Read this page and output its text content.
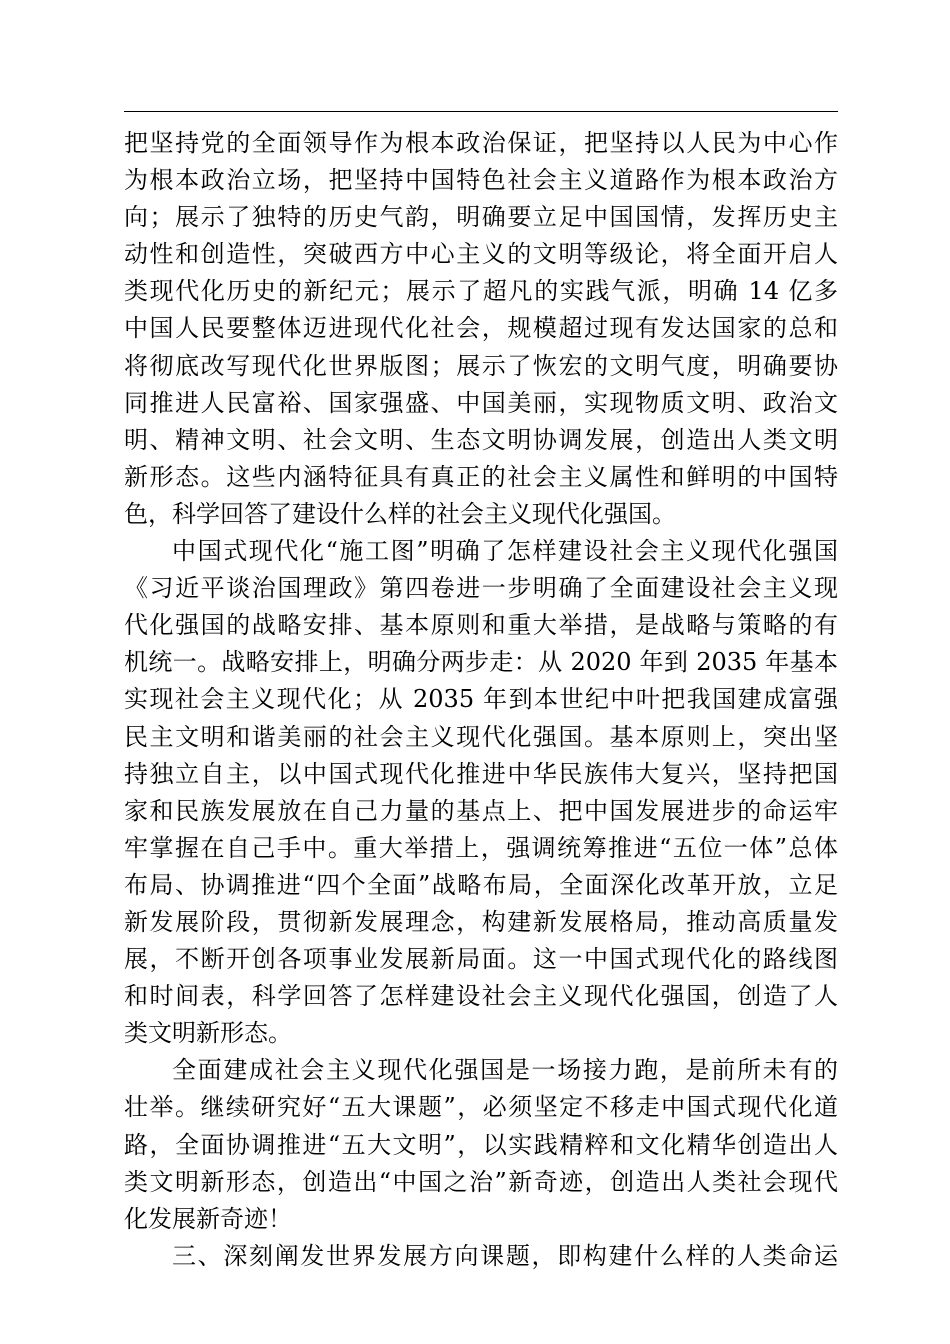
把坚持党的全面领导作为根本政治保证，把坚持以人民为中心作
为根本政治立场，把坚持中国特色社会主义道路作为根本政治方
向；展示了独特的历史气韵，明确要立足中国国情，发挥历史主
动性和创造性，突破西方中心主义的文明等级论，将全面开启人
类现代化历史的新纪元；展示了超凡的实践气派，明确 14 亿多
中国人民要整体迈进现代化社会，规模超过现有发达国家的总和
将彻底改写现代化世界版图；展示了恢宏的文明气度，明确要协
同推进人民富裕、国家强盛、中国美丽，实现物质文明、政治文
明、精神文明、社会文明、生态文明协调发展，创造出人类文明
新形态。这些内涵特征具有真正的社会主义属性和鲜明的中国特
色，科学回答了建设什么样的社会主义现代化强国。
中国式现代化“施工图”明确了怎样建设社会主义现代化强国
《习近平谈治国理政》第四卷进一步明确了全面建设社会主义现
代化强国的战略安排、基本原则和重大举措，是战略与策略的有
机统一。战略安排上，明确分两步走：从 2020 年到 2035 年基本
实现社会主义现代化；从 2035 年到本世纪中叶把我国建成富强
民主文明和谐美丽的社会主义现代化强国。基本原则上，突出坚
持独立自主，以中国式现代化推进中华民族伟大复兴，坚持把国
家和民族发展放在自己力量的基点上、把中国发展进步的命运牢
牢掌握在自己手中。重大举措上，强调统筹推进“五位一体”总体
布局、协调推进“四个全面”战略布局，全面深化改革开放，立足
新发展阶段，贯彻新发展理念，构建新发展格局，推动高质量发
展，不断开创各项事业发展新局面。这一中国式现代化的路线图
和时间表，科学回答了怎样建设社会主义现代化强国，创造了人
类文明新形态。
全面建成社会主义现代化强国是一场接力跑，是前所未有的
壮举。继续研究好“五大课题”，必须坚定不移走中国式现代化道
路，全面协调推进“五大文明”，以实践精粹和文化精华创造出人
类文明新形态，创造出“中国之治”新奇迹，创造出人类社会现代
化发展新奇迹！
三、深刻阐发世界发展方向课题，即构建什么样的人类命运
